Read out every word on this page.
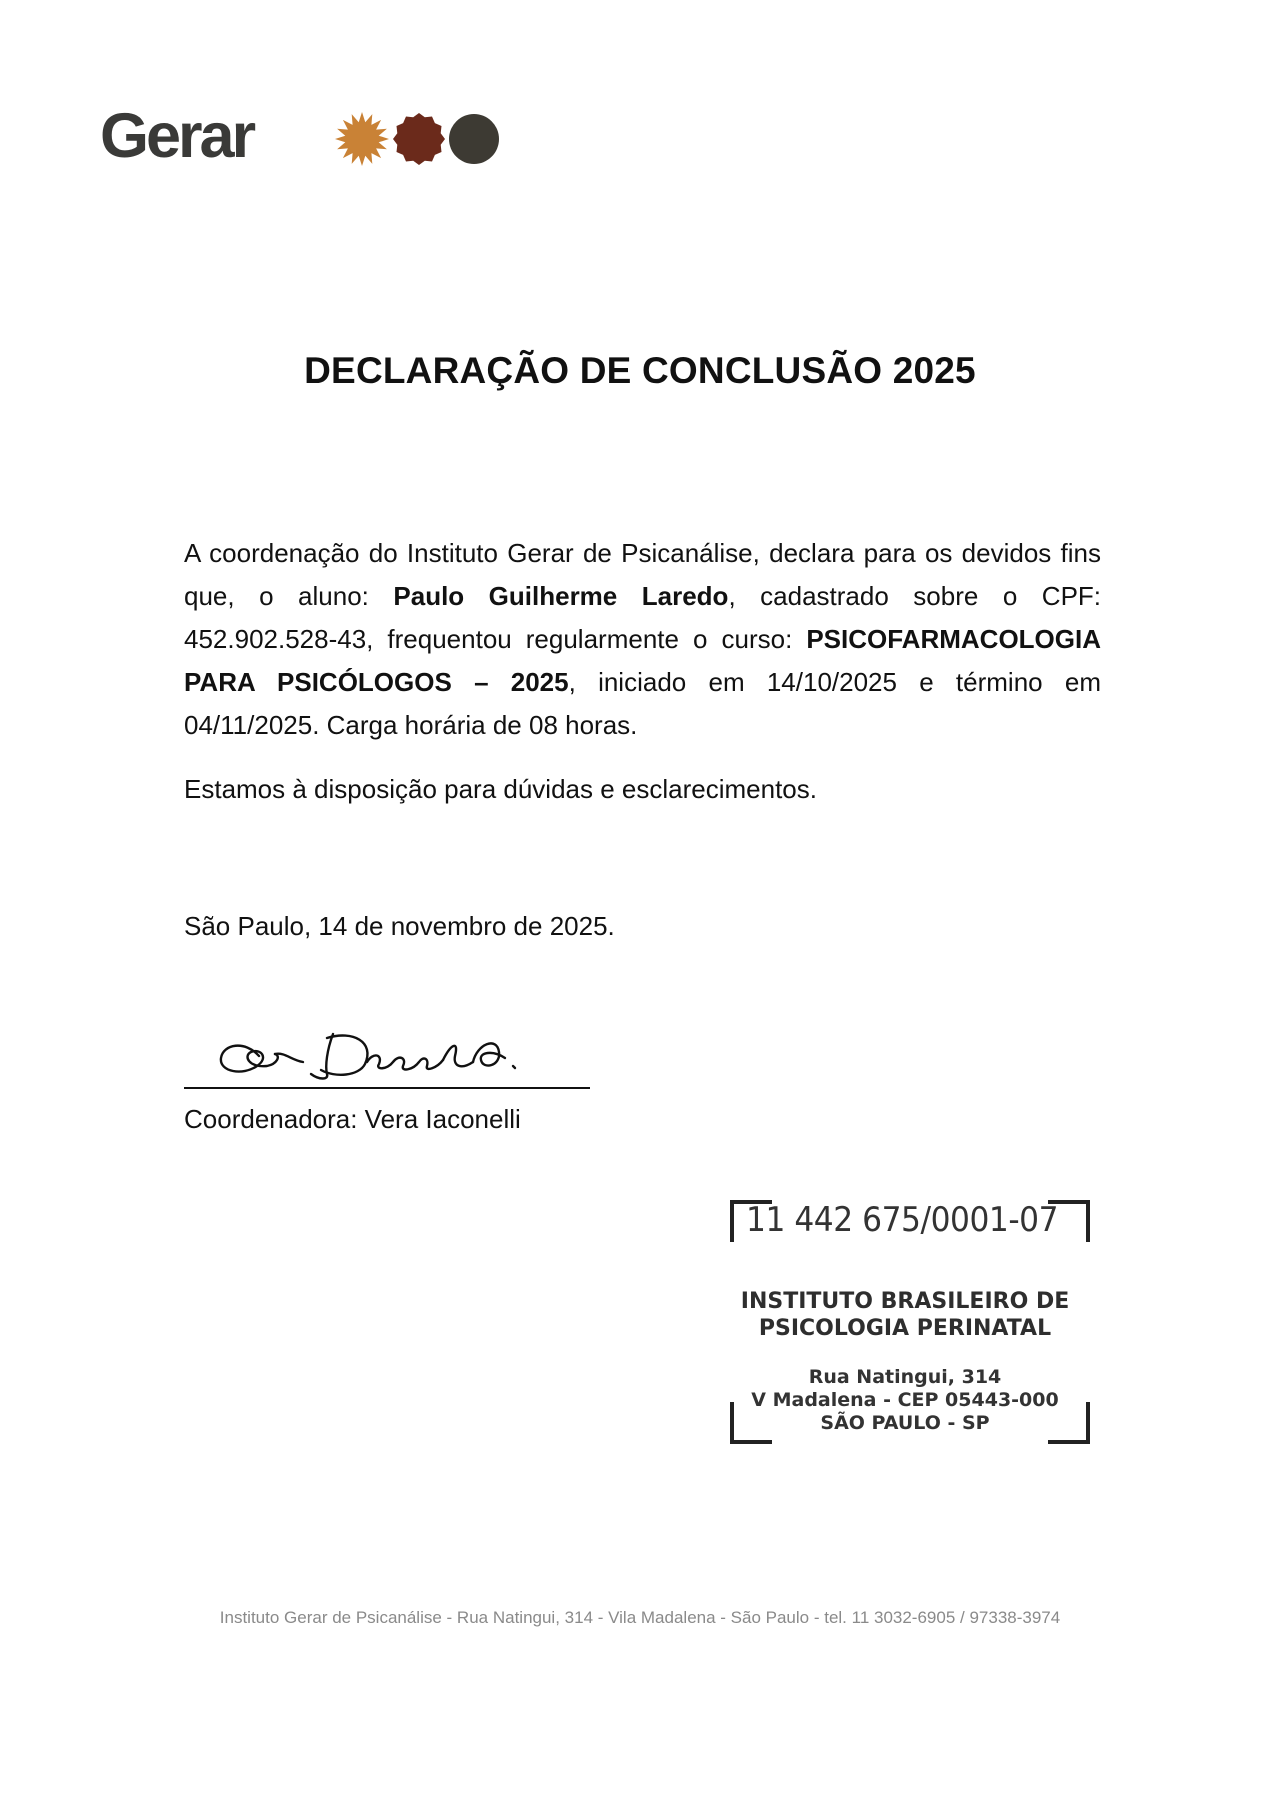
Gerar
DECLARAÇÃO DE CONCLUSÃO 2025

A coordenação do Instituto Gerar de Psicanálise, declara para os devidos fins que, o aluno: Paulo Guilherme Laredo, cadastrado sobre o CPF: 452.902.528-43, frequentou regularmente o curso: PSICOFARMACOLOGIA PARA PSICÓLOGOS – 2025, iniciado em 14/10/2025 e término em 04/11/2025. Carga horária de 08 horas.

Estamos à disposição para dúvidas e esclarecimentos.
São Paulo, 14 de novembro de 2025.
Coordenadora: Vera Iaconelli
11 442 675/0001-07
INSTITUTO BRASILEIRO DE
PSICOLOGIA PERINATAL
Rua Natingui, 314
V Madalena - CEP 05443-000
SÃO PAULO - SP
Instituto Gerar de Psicanálise - Rua Natingui, 314 - Vila Madalena - São Paulo - tel. 11 3032-6905 / 97338-3974
